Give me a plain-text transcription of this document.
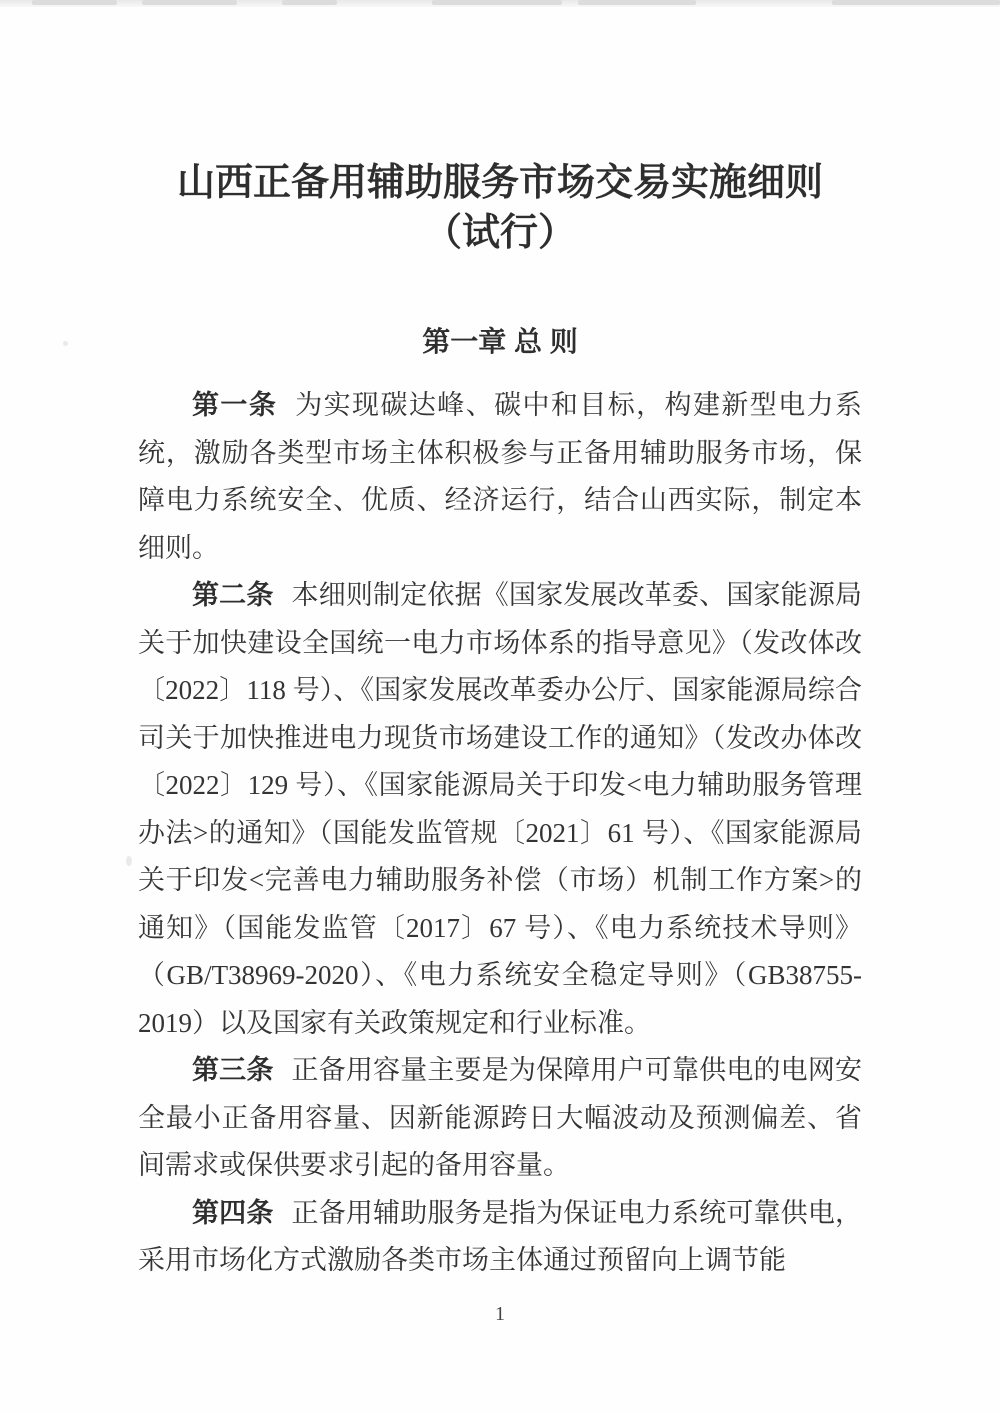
山西正备用辅助服务市场交易实施细则
（试行）
第一章 总 则

第一条 为实现碳达峰、碳中和目标，构建新型电力系统，激励各类型市场主体积极参与正备用辅助服务市场，保障电力系统安全、优质、经济运行，结合山西实际，制定本细则。

第二条 本细则制定依据《国家发展改革委、国家能源局关于加快建设全国统一电力市场体系的指导意见》（发改体改〔2022〕118 号）、《国家发展改革委办公厅、国家能源局综合司关于加快推进电力现货市场建设工作的通知》（发改办体改〔2022〕129 号）、《国家能源局关于印发<电力辅助服务管理办法>的通知》（国能发监管规〔2021〕61 号）、《国家能源局关于印发<完善电力辅助服务补偿（市场）机制工作方案>的通知》（国能发监管〔2017〕67 号）、《电力系统技术导则》（GB/T38969-2020）、《电力系统安全稳定导则》（GB38755-2019）以及国家有关政策规定和行业标准。

第三条 正备用容量主要是为保障用户可靠供电的电网安全最小正备用容量、因新能源跨日大幅波动及预测偏差、省间需求或保供要求引起的备用容量。

第四条 正备用辅助服务是指为保证电力系统可靠供电，采用市场化方式激励各类市场主体通过预留向上调节能

1
